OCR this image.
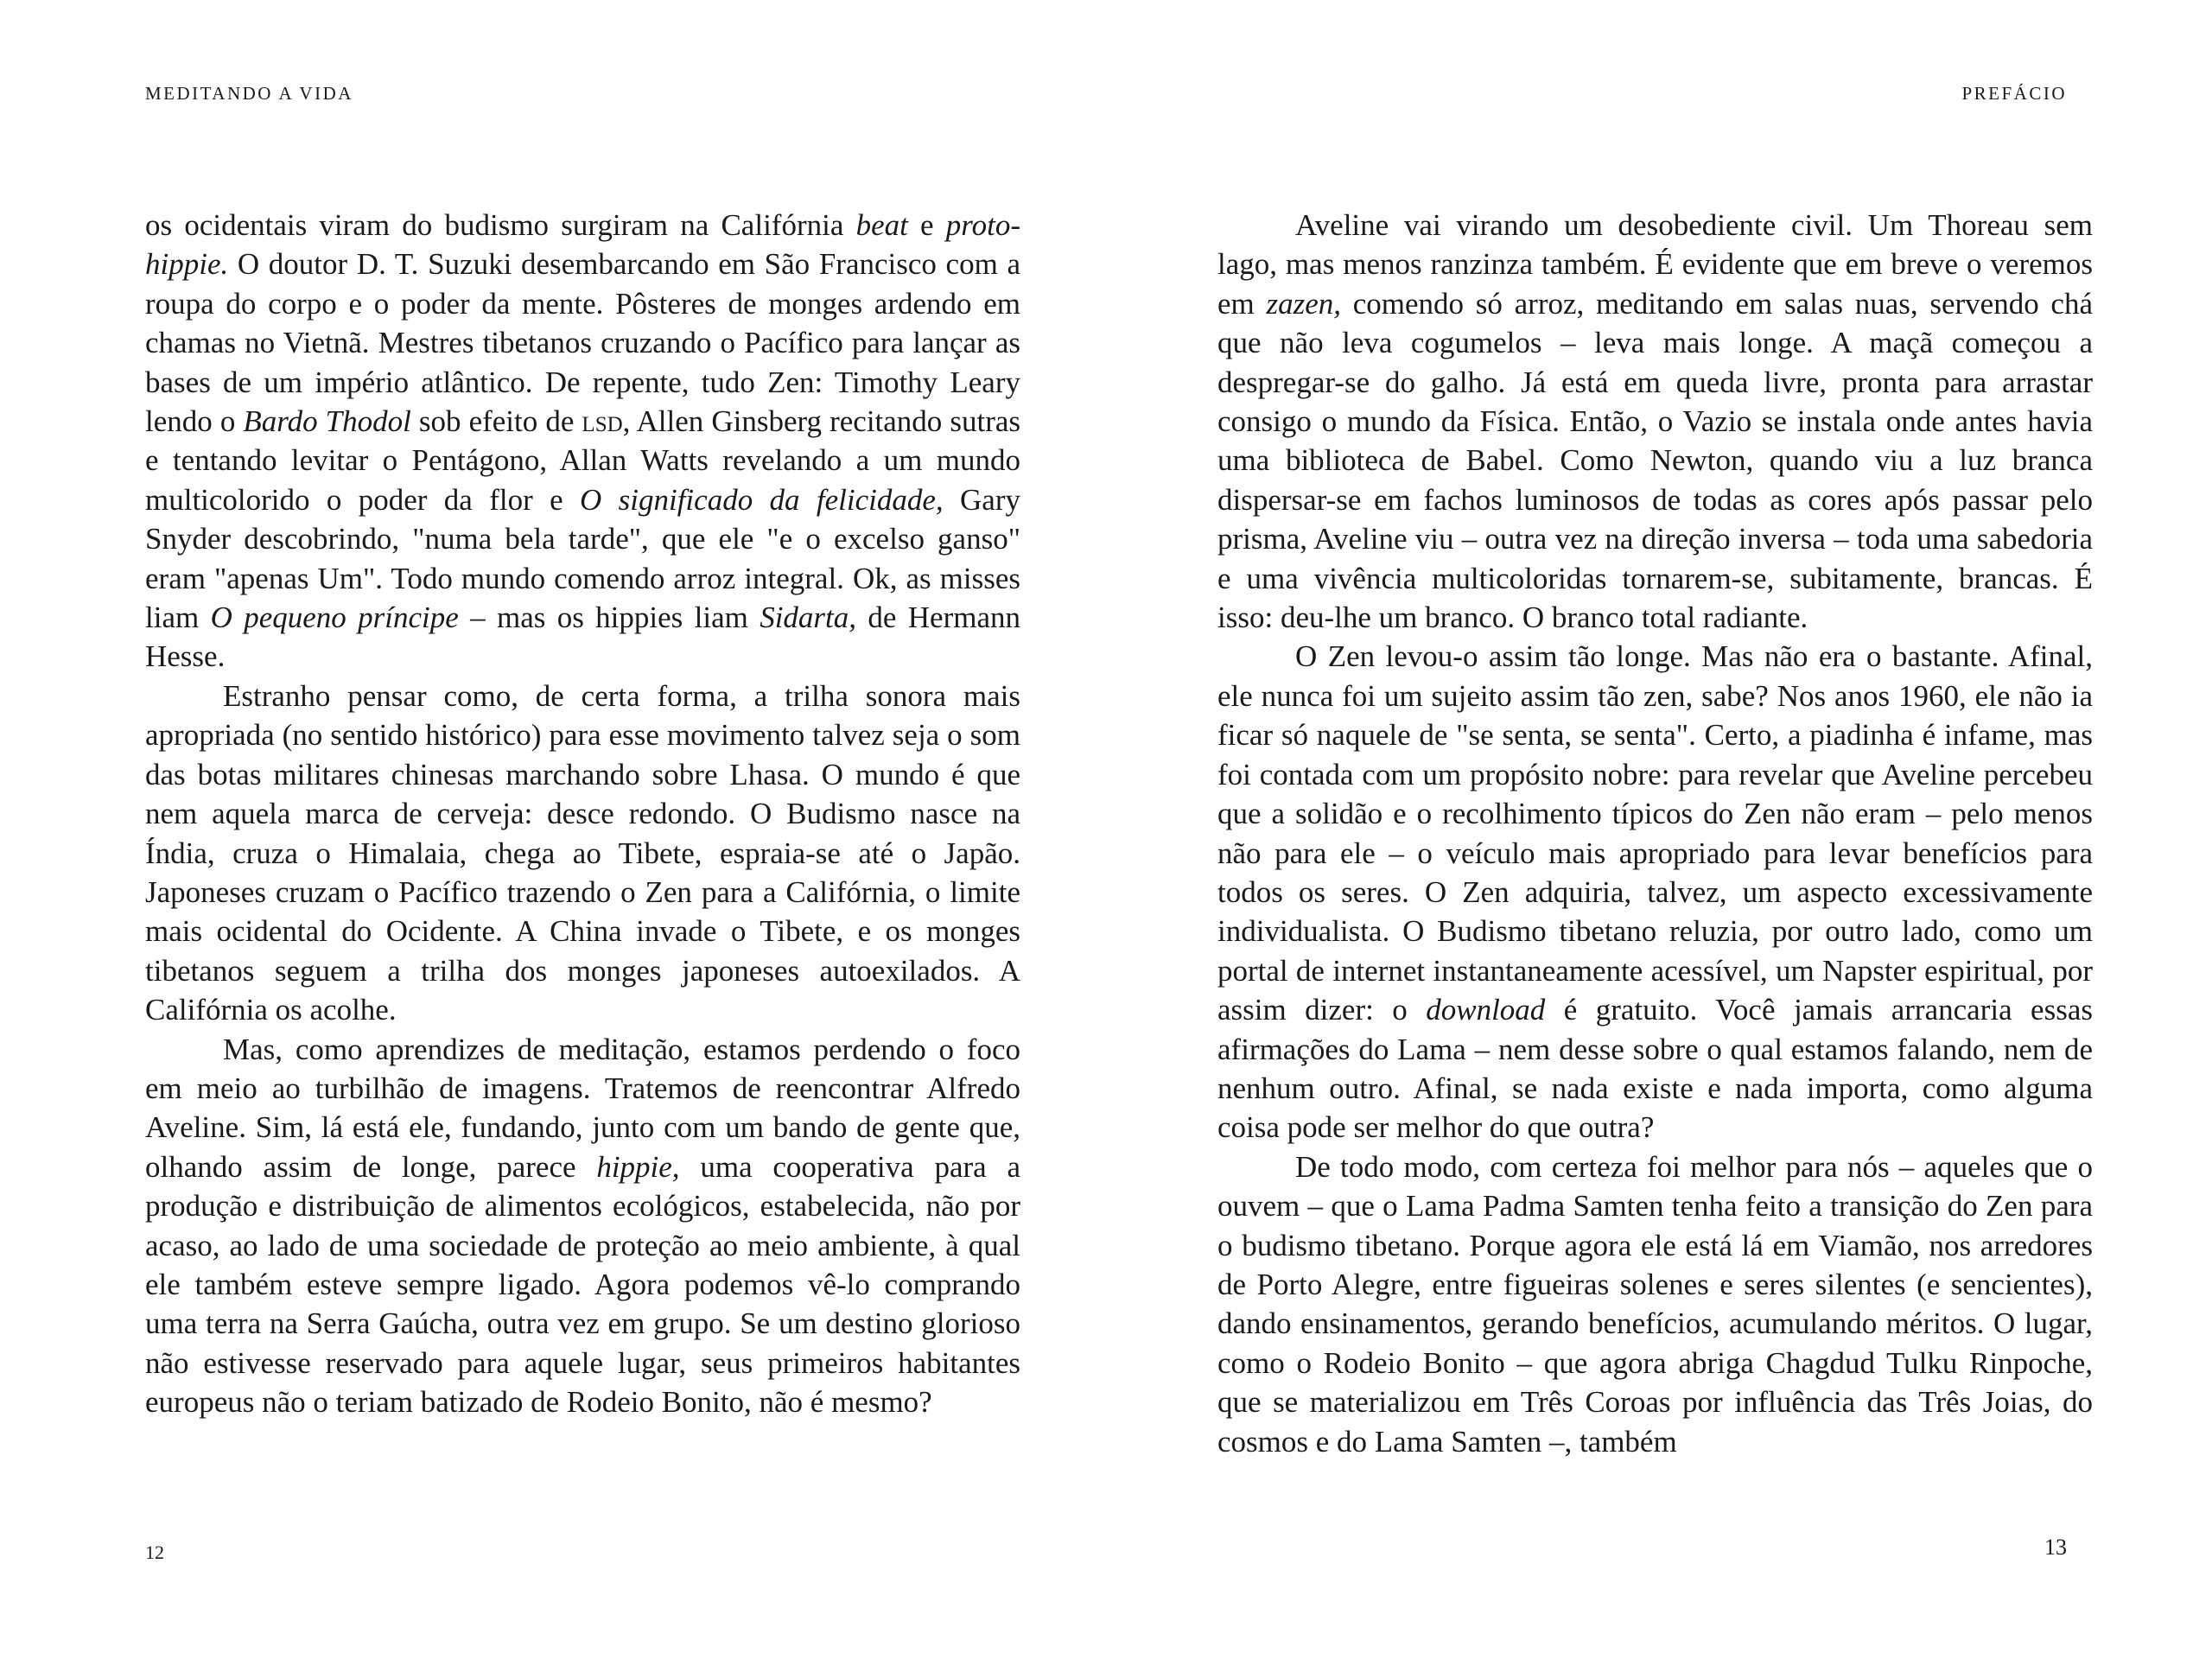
MEDITANDO A VIDA

os ocidentais viram do budismo surgiram na Califórnia beat e proto-hippie. O doutor D. T. Suzuki desembarcando em São Francisco com a roupa do corpo e o poder da mente. Pôsteres de monges ardendo em chamas no Vietnã. Mestres tibetanos cruzando o Pacífico para lançar as bases de um império atlântico. De repente, tudo Zen: Timothy Leary lendo o Bardo Thodol sob efeito de lsd, Allen Ginsberg recitando sutras e tentando levitar o Pentágono, Allan Watts revelando a um mundo multicolorido o poder da flor e O significado da felicidade, Gary Snyder descobrindo, "numa bela tarde", que ele "e o excelso ganso" eram "apenas Um". Todo mundo comendo arroz integral. Ok, as misses liam O pequeno príncipe – mas os hippies liam Sidarta, de Hermann Hesse.

Estranho pensar como, de certa forma, a trilha sonora mais apropriada (no sentido histórico) para esse movimento talvez seja o som das botas militares chinesas marchando sobre Lhasa. O mundo é que nem aquela marca de cerveja: desce redondo. O Budismo nasce na Índia, cruza o Himalaia, chega ao Tibete, espraia-se até o Japão. Japoneses cruzam o Pacífico trazendo o Zen para a Califórnia, o limite mais ocidental do Ocidente. A China invade o Tibete, e os monges tibetanos seguem a trilha dos monges japoneses autoexilados. A Califórnia os acolhe.

Mas, como aprendizes de meditação, estamos perdendo o foco em meio ao turbilhão de imagens. Tratemos de reencontrar Alfredo Aveline. Sim, lá está ele, fundando, junto com um bando de gente que, olhando assim de longe, parece hippie, uma cooperativa para a produção e distribuição de alimentos ecológicos, estabelecida, não por acaso, ao lado de uma sociedade de proteção ao meio ambiente, à qual ele também esteve sempre ligado. Agora podemos vê-lo comprando uma terra na Serra Gaúcha, outra vez em grupo. Se um destino glorioso não estivesse reservado para aquele lugar, seus primeiros habitantes europeus não o teriam batizado de Rodeio Bonito, não é mesmo?

12
PREFÁCIO

Aveline vai virando um desobediente civil. Um Thoreau sem lago, mas menos ranzinza também. É evidente que em breve o veremos em zazen, comendo só arroz, meditando em salas nuas, servendo chá que não leva cogumelos – leva mais longe. A maçã começou a despregar-se do galho. Já está em queda livre, pronta para arrastar consigo o mundo da Física. Então, o Vazio se instala onde antes havia uma biblioteca de Babel. Como Newton, quando viu a luz branca dispersar-se em fachos luminosos de todas as cores após passar pelo prisma, Aveline viu – outra vez na direção inversa – toda uma sabedoria e uma vivência multicoloridas tornarem-se, subitamente, brancas. É isso: deu-lhe um branco. O branco total radiante.

O Zen levou-o assim tão longe. Mas não era o bastante. Afinal, ele nunca foi um sujeito assim tão zen, sabe? Nos anos 1960, ele não ia ficar só naquele de "se senta, se senta". Certo, a piadinha é infame, mas foi contada com um propósito nobre: para revelar que Aveline percebeu que a solidão e o recolhimento típicos do Zen não eram – pelo menos não para ele – o veículo mais apropriado para levar benefícios para todos os seres. O Zen adquiria, talvez, um aspecto excessivamente individualista. O Budismo tibetano reluzia, por outro lado, como um portal de internet instantaneamente acessível, um Napster espiritual, por assim dizer: o download é gratuito. Você jamais arrancaria essas afirmações do Lama – nem desse sobre o qual estamos falando, nem de nenhum outro. Afinal, se nada existe e nada importa, como alguma coisa pode ser melhor do que outra?

De todo modo, com certeza foi melhor para nós – aqueles que o ouvem – que o Lama Padma Samten tenha feito a transição do Zen para o budismo tibetano. Porque agora ele está lá em Viamão, nos arredores de Porto Alegre, entre figueiras solenes e seres silentes (e sencientes), dando ensinamentos, gerando benefícios, acumulando méritos. O lugar, como o Rodeio Bonito – que agora abriga Chagdud Tulku Rinpoche, que se materializou em Três Coroas por influência das Três Joias, do cosmos e do Lama Samten –, também

13
